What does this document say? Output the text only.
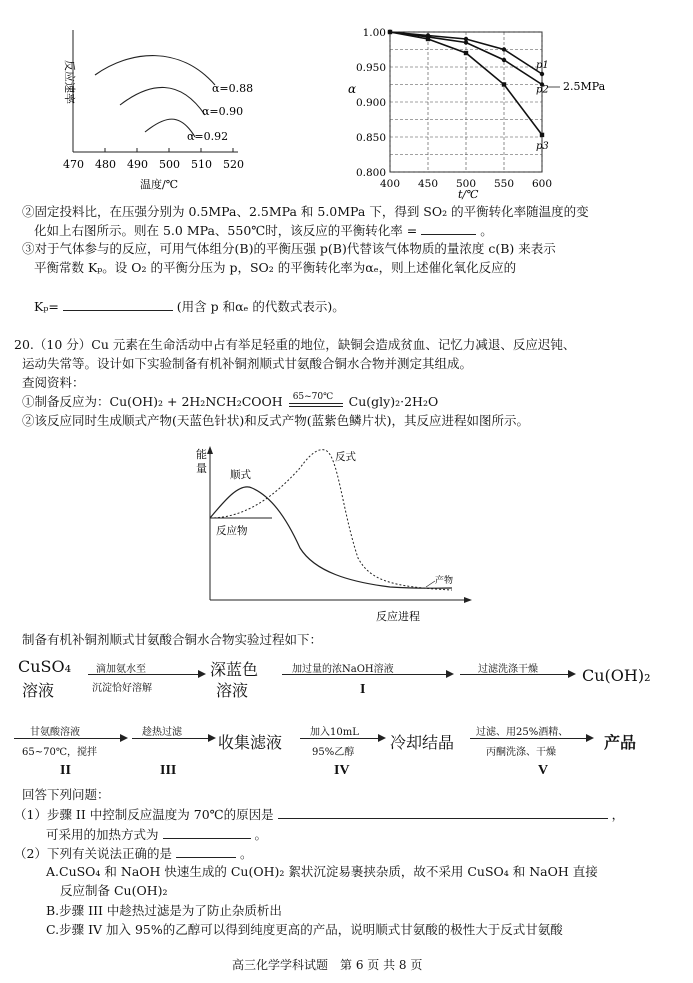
反应速率
470 480 490 500 510 520
温度/℃
α=0.88
α=0.90
α=0.92
α
1.00
0.950
0.900
0.850
0.800
400 450 500 550 600
p1
p2
p3
t/℃
2.5MPa
②固定投料比，在压强分别为 0.5MPa、2.5MPa 和 5.0MPa 下，得到 SO₂ 的平衡转化率随温度的变
化如上右图所示。则在 5.0 MPa、550℃时，该反应的平衡转化率 =	。
③对于气体参与的反应，可用气体组分(B)的平衡压强 p(B)代替该气体物质的量浓度 c(B) 来表示
平衡常数 Kₚ。设 O₂ 的平衡分压为 p，SO₂ 的平衡转化率为αₑ，则上述催化氧化反应的
Kₚ=	(用含 p 和αₑ 的代数式表示)。
20.（10 分）Cu 元素在生命活动中占有举足轻重的地位，缺铜会造成贫血、记忆力减退、反应迟钝、
运动失常等。设计如下实验制备有机补铜剂顺式甘氨酸合铜水合物并测定其组成。
查阅资料：
①制备反应为：Cu(OH)₂ + 2H₂NCH₂COOH 65~70℃ Cu(gly)₂·2H₂O
②该反应同时生成顺式产物(天蓝色针状)和反式产物(蓝紫色鳞片状)，其反应进程如图所示。
能
量
反应进程
反应物
顺式
反式
产物
制备有机补铜剂顺式甘氨酸合铜水合物实验过程如下：
CuSO₄
溶液
滴加氨水至
沉淀恰好溶解
深蓝色
溶液
加过量的浓NaOH溶液
I
过滤洗涤干燥	Cu(OH)₂
甘氨酸溶液
65~70℃，搅拌
II
趁热过滤
III
收集滤液
加入10mL
95%乙醇
IV
冷却结晶
过滤、用25%酒精、
丙酮洗涤、干燥
V
产品
回答下列问题：
（1）步骤 II 中控制反应温度为 70℃的原因是	，
可采用的加热方式为	。
（2）下列有关说法正确的是	。
A.CuSO₄ 和 NaOH 快速生成的 Cu(OH)₂ 絮状沉淀易裹挟杂质，故不采用 CuSO₄ 和 NaOH 直接
反应制备 Cu(OH)₂
B.步骤 III 中趁热过滤是为了防止杂质析出
C.步骤 IV 加入 95%的乙醇可以得到纯度更高的产品，说明顺式甘氨酸的极性大于反式甘氨酸
高三化学学科试题　第 6 页 共 8 页
